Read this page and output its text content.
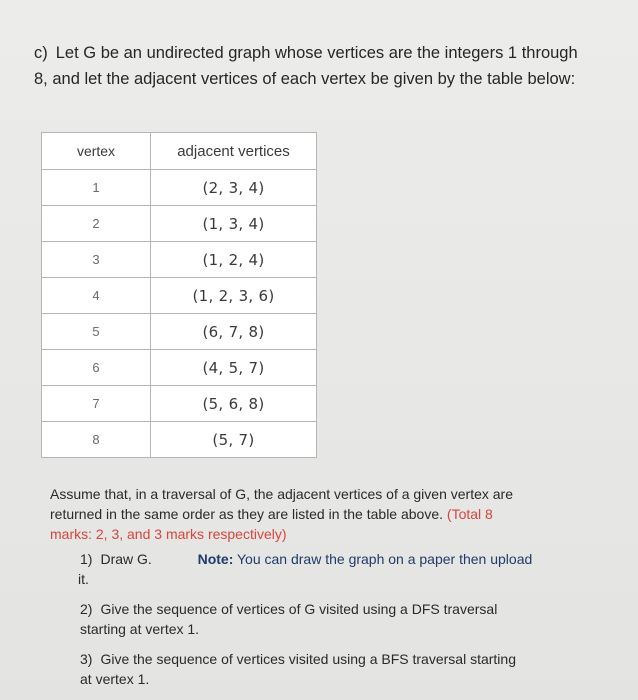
c) Let G be an undirected graph whose vertices are the integers 1 through
8, and let the adjacent vertices of each vertex be given by the table below:
vertex	adjacent vertices
1	(2, 3, 4)
2	(1, 3, 4)
3	(1, 2, 4)
4	(1, 2, 3, 6)
5	(6, 7, 8)
6	(4, 5, 7)
7	(5, 6, 8)
8	(5, 7)
Assume that, in a traversal of G, the adjacent vertices of a given vertex are
returned in the same order as they are listed in the table above. (Total 8
marks: 2, 3, and 3 marks respectively)
1) Draw G.	Note: You can draw the graph on a paper then upload
it.
2) Give the sequence of vertices of G visited using a DFS traversal
starting at vertex 1.
3) Give the sequence of vertices visited using a BFS traversal starting
at vertex 1.
